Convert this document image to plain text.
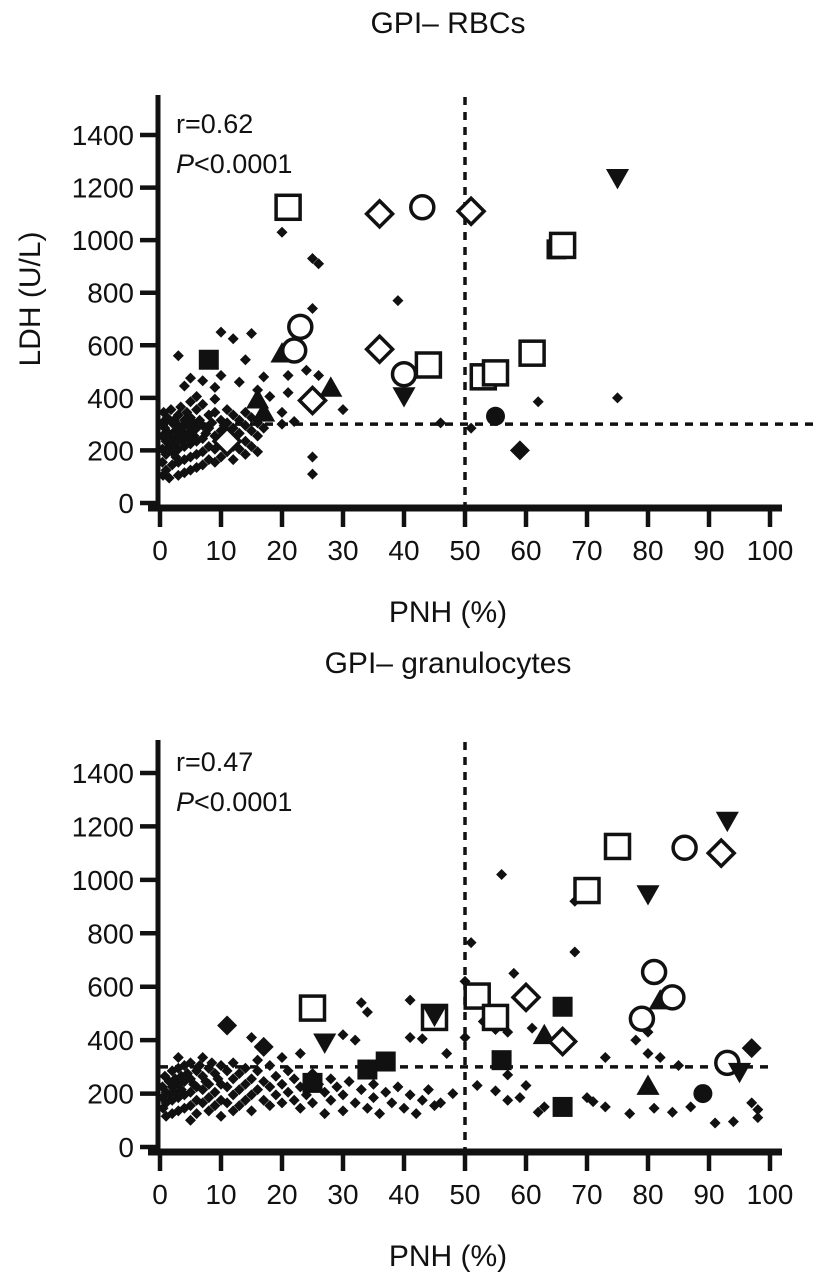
GPI– RBCs
0 10 20 30 40 50 60 70 80 90 100
0
200
400
600
800
1000
1200
1400
PNH (%)
LDH (U/L)
r=0.62
P<0.0001
GPI– granulocytes
0 10 20 30 40 50 60 70 80 90 100
0
200
400
600
800
1000
1200
1400
PNH (%)
r=0.47
P<0.0001
